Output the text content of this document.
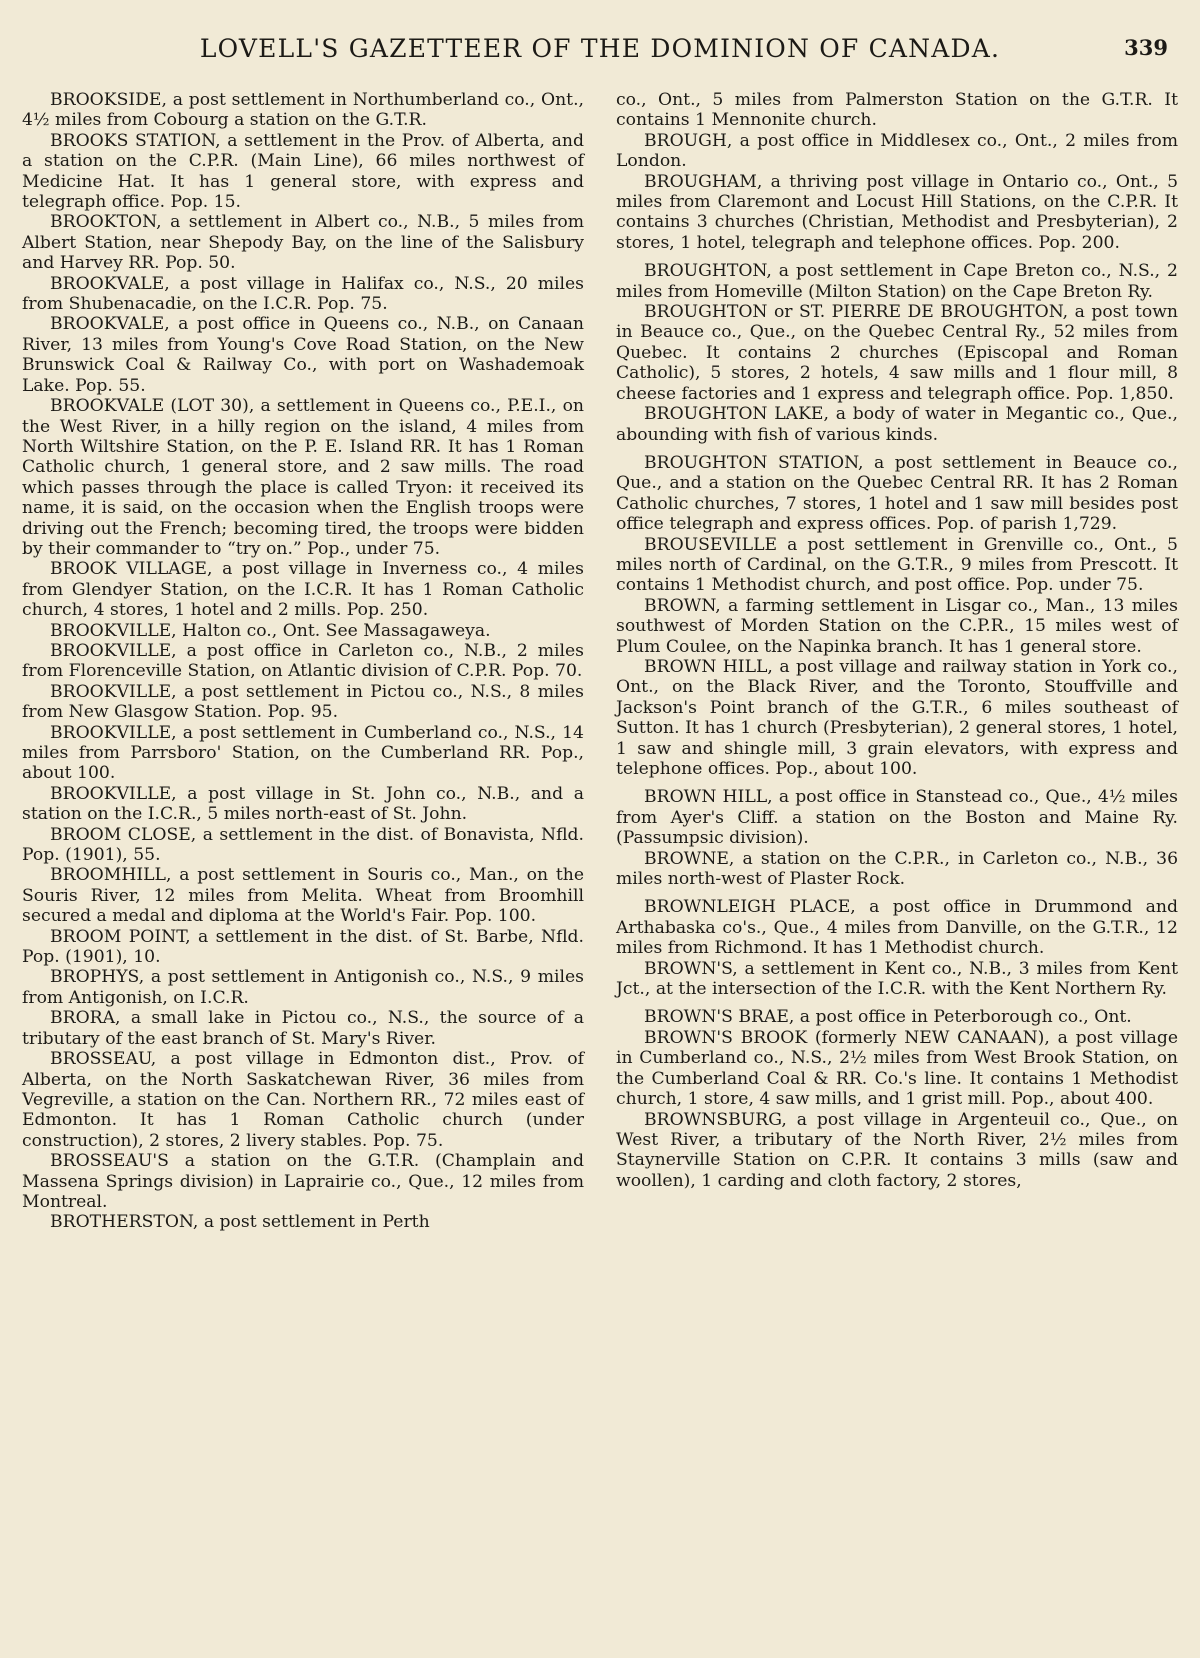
LOVELL'S GAZETTEER OF THE DOMINION OF CANADA.	339

BROOKSIDE, a post settlement in Northumberland co., Ont., 4½ miles from Cobourg a station on the G.T.R.

BROOKS STATION, a settlement in the Prov. of Alberta, and a station on the C.P.R. (Main Line), 66 miles northwest of Medicine Hat. It has 1 general store, with express and telegraph office. Pop. 15.

BROOKTON, a settlement in Albert co., N.B., 5 miles from Albert Station, near Shepody Bay, on the line of the Salisbury and Harvey RR. Pop. 50.

BROOKVALE, a post village in Halifax co., N.S., 20 miles from Shubenacadie, on the I.C.R. Pop. 75.

BROOKVALE, a post office in Queens co., N.B., on Canaan River, 13 miles from Young's Cove Road Station, on the New Brunswick Coal & Railway Co., with port on Washademoak Lake. Pop. 55.

BROOKVALE (LOT 30), a settlement in Queens co., P.E.I., on the West River, in a hilly region on the island, 4 miles from North Wiltshire Station, on the P. E. Island RR. It has 1 Roman Catholic church, 1 general store, and 2 saw mills. The road which passes through the place is called Tryon: it received its name, it is said, on the occasion when the English troops were driving out the French; becoming tired, the troops were bidden by their commander to “try on.” Pop., under 75.

BROOK VILLAGE, a post village in Inverness co., 4 miles from Glendyer Station, on the I.C.R. It has 1 Roman Catholic church, 4 stores, 1 hotel and 2 mills. Pop. 250.

BROOKVILLE, Halton co., Ont. See Massagaweya.

BROOKVILLE, a post office in Carleton co., N.B., 2 miles from Florenceville Station, on Atlantic division of C.P.R. Pop. 70.

BROOKVILLE, a post settlement in Pictou co., N.S., 8 miles from New Glasgow Station. Pop. 95.

BROOKVILLE, a post settlement in Cumberland co., N.S., 14 miles from Parrsboro' Station, on the Cumberland RR. Pop., about 100.

BROOKVILLE, a post village in St. John co., N.B., and a station on the I.C.R., 5 miles north-east of St. John.

BROOM CLOSE, a settlement in the dist. of Bonavista, Nfld. Pop. (1901), 55.

BROOMHILL, a post settlement in Souris co., Man., on the Souris River, 12 miles from Melita. Wheat from Broomhill secured a medal and diploma at the World's Fair. Pop. 100.

BROOM POINT, a settlement in the dist. of St. Barbe, Nfld. Pop. (1901), 10.

BROPHYS, a post settlement in Antigonish co., N.S., 9 miles from Antigonish, on I.C.R.

BRORA, a small lake in Pictou co., N.S., the source of a tributary of the east branch of St. Mary's River.

BROSSEAU, a post village in Edmonton dist., Prov. of Alberta, on the North Saskatchewan River, 36 miles from Vegreville, a station on the Can. Northern RR., 72 miles east of Edmonton. It has 1 Roman Catholic church (under construction), 2 stores, 2 livery stables. Pop. 75.

BROSSEAU'S a station on the G.T.R. (Champlain and Massena Springs division) in Laprairie co., Que., 12 miles from Montreal.

BROTHERSTON, a post settlement in Perth

co., Ont., 5 miles from Palmerston Station on the G.T.R. It contains 1 Mennonite church.

BROUGH, a post office in Middlesex co., Ont., 2 miles from London.

BROUGHAM, a thriving post village in Ontario co., Ont., 5 miles from Claremont and Locust Hill Stations, on the C.P.R. It contains 3 churches (Christian, Methodist and Presbyterian), 2 stores, 1 hotel, telegraph and telephone offices. Pop. 200.

BROUGHTON, a post settlement in Cape Breton co., N.S., 2 miles from Homeville (Milton Station) on the Cape Breton Ry.

BROUGHTON or ST. PIERRE DE BROUGHTON, a post town in Beauce co., Que., on the Quebec Central Ry., 52 miles from Quebec. It contains 2 churches (Episcopal and Roman Catholic), 5 stores, 2 hotels, 4 saw mills and 1 flour mill, 8 cheese factories and 1 express and telegraph office. Pop. 1,850.

BROUGHTON LAKE, a body of water in Megantic co., Que., abounding with fish of various kinds.

BROUGHTON STATION, a post settlement in Beauce co., Que., and a station on the Quebec Central RR. It has 2 Roman Catholic churches, 7 stores, 1 hotel and 1 saw mill besides post office telegraph and express offices. Pop. of parish 1,729.

BROUSEVILLE a post settlement in Grenville co., Ont., 5 miles north of Cardinal, on the G.T.R., 9 miles from Prescott. It contains 1 Methodist church, and post office. Pop. under 75.

BROWN, a farming settlement in Lisgar co., Man., 13 miles southwest of Morden Station on the C.P.R., 15 miles west of Plum Coulee, on the Napinka branch. It has 1 general store.

BROWN HILL, a post village and railway station in York co., Ont., on the Black River, and the Toronto, Stouffville and Jackson's Point branch of the G.T.R., 6 miles southeast of Sutton. It has 1 church (Presbyterian), 2 general stores, 1 hotel, 1 saw and shingle mill, 3 grain elevators, with express and telephone offices. Pop., about 100.

BROWN HILL, a post office in Stanstead co., Que., 4½ miles from Ayer's Cliff. a station on the Boston and Maine Ry. (Passumpsic division).

BROWNE, a station on the C.P.R., in Carleton co., N.B., 36 miles north-west of Plaster Rock.

BROWNLEIGH PLACE, a post office in Drummond and Arthabaska co's., Que., 4 miles from Danville, on the G.T.R., 12 miles from Richmond. It has 1 Methodist church.

BROWN'S, a settlement in Kent co., N.B., 3 miles from Kent Jct., at the intersection of the I.C.R. with the Kent Northern Ry.

BROWN'S BRAE, a post office in Peterborough co., Ont.

BROWN'S BROOK (formerly NEW CANAAN), a post village in Cumberland co., N.S., 2½ miles from West Brook Station, on the Cumberland Coal & RR. Co.'s line. It contains 1 Methodist church, 1 store, 4 saw mills, and 1 grist mill. Pop., about 400.

BROWNSBURG, a post village in Argenteuil co., Que., on West River, a tributary of the North River, 2½ miles from Staynerville Station on C.P.R. It contains 3 mills (saw and woollen), 1 carding and cloth factory, 2 stores,
